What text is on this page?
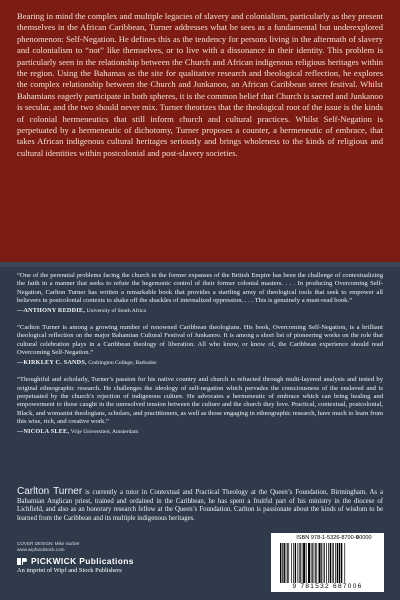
Bearing in mind the complex and multiple legacies of slavery and colonialism, particularly as they present themselves in the African Caribbean, Turner addresses what he sees as a fundamental but underexplored phenomenon: Self-Negation. He defines this as the tendency for persons living in the aftermath of slavery and colonialism to “not” like themselves, or to live with a dissonance in their identity. This problem is particularly seen in the relationship between the Church and African indigenous religious heritages within the region. Using the Bahamas as the site for qualitative research and theological reflection, he explores the complex relationship between the Church and Junkanoo, an African Caribbean street festival. Whilst Bahamians eagerly participate in both spheres, it is the common belief that Church is sacred and Junkanoo is secular, and the two should never mix. Turner theorizes that the theological root of the issue is the kinds of colonial hermeneutics that still inform church and cultural practices. Whilst Self-Negation is perpetuated by a hermeneutic of dichotomy, Turner proposes a counter, a hermeneutic of embrace, that takes African indigenous cultural heritages seriously and brings wholeness to the kinds of religious and cultural identities within postcolonial and post-slavery societies.

“One of the perennial problems facing the church in the former expanses of the British Empire has been the challenge of contextualizing the faith in a manner that seeks to refute the hegemonic control of their former colonial masters. . . . In producing Overcoming Self-Negation, Carlton Turner has written a remarkable book that provides a startling array of theological tools that seek to empower all believers in postcolonial contexts to shake off the shackles of internalized oppression. . . . This is genuinely a must-read book.”

—ANTHONY REDDIE, University of South Africa

“Carlton Turner is among a growing number of renowned Caribbean theologians. His book, Overcoming Self-Negation, is a brilliant theological reflection on the major Bahamian Cultural Festival of Junkanoo. It is among a short list of pioneering works on the role that cultural celebration plays in a Caribbean theology of liberation. All who know, or know of, the Caribbean experience should read Overcoming Self-Negation.”

—KIRKLEY C. SANDS, Codrington College, Barbados

“Thoughtful and scholarly, Turner’s passion for his native country and church is refracted through multi-layered analysis and tested by original ethnographic research. He challenges the ideology of self-negation which pervades the consciousness of the enslaved and is perpetuated by the church’s rejection of indigenous culture. He advocates a hermeneutic of embrace which can bring healing and empowerment to those caught in the unresolved tension between the culture and the church they love. Practical, contextual, postcolonial, Black, and womanist theologians, scholars, and practitioners, as well as those engaging in ethnographic research, have much to learn from this wise, rich, and creative work.”

—NICOLA SLEE, Vrije Universiteit, Amsterdam

Carlton Turner is currently a tutor in Contextual and Practical Theology at the Queen’s Foundation, Birmingham. As a Bahamian Anglican priest, trained and ordained in the Caribbean, he has spent a fruitful part of his ministry in the diocese of Lichfield, and also as an honorary research fellow at the Queen’s Foundation. Carlton is passionate about the kinds of wisdom to be learned from the Caribbean and its multiple indigenous heritages.

COVER DESIGN: Mike Surber
www.wipfandstock.com
PICKWICK Publications
An imprint of Wipf and Stock Publishers
ISBN 978-1-5326-8700-6
90000
9 781532 687006
